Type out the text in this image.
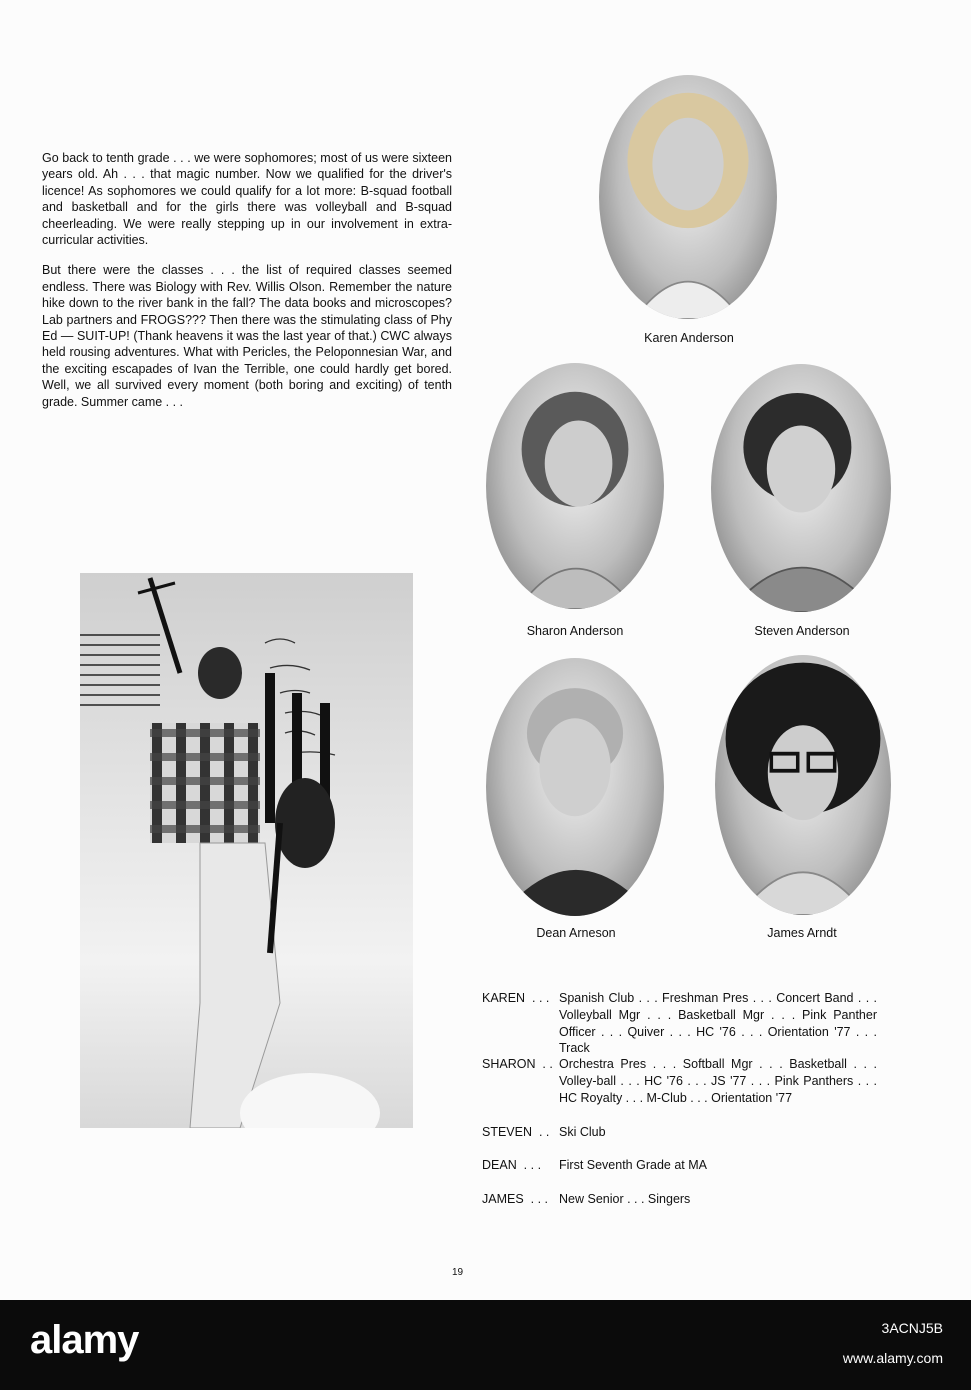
Go back to tenth grade . . . we were sophomores; most of us were sixteen years old. Ah . . . that magic number. Now we qualified for the driver's licence! As sophomores we could qualify for a lot more: B-squad football and basketball and for the girls there was volleyball and B-squad cheerleading. We were really stepping up in our involvement in extra-curricular activities.

But there were the classes . . . the list of required classes seemed endless. There was Biology with Rev. Willis Olson. Remember the nature hike down to the river bank in the fall? The data books and microscopes? Lab partners and FROGS??? Then there was the stimulating class of Phy Ed — SUIT-UP! (Thank heavens it was the last year of that.) CWC always held rousing adventures. What with Pericles, the Peloponnesian War, and the exciting escapades of Ivan the Terrible, one could hardly get bored. Well, we all survived every moment (both boring and exciting) of tenth grade. Summer came . . .

Karen Anderson
Sharon Anderson	Steven Anderson
Dean Arneson	James Arndt
KAREN  . . . Spanish Club . . . Freshman Pres . . . Concert Band . . . Volleyball Mgr . . . Basketball Mgr . . . Pink Panther Officer . . . Quiver . . . HC '76 . . . Orientation '77 . . . Track
SHARON  . . Orchestra Pres . . . Softball Mgr . . . Basketball . . . Volley-ball . . . HC '76 . . . JS '77 . . . Pink Panthers . . . HC Royalty . . . M-Club . . . Orientation '77
STEVEN  . . Ski Club
DEAN  . . .	First Seventh Grade at MA
JAMES  . . . New Senior . . . Singers
19
alamy	3ACNJ5B
www.alamy.com
